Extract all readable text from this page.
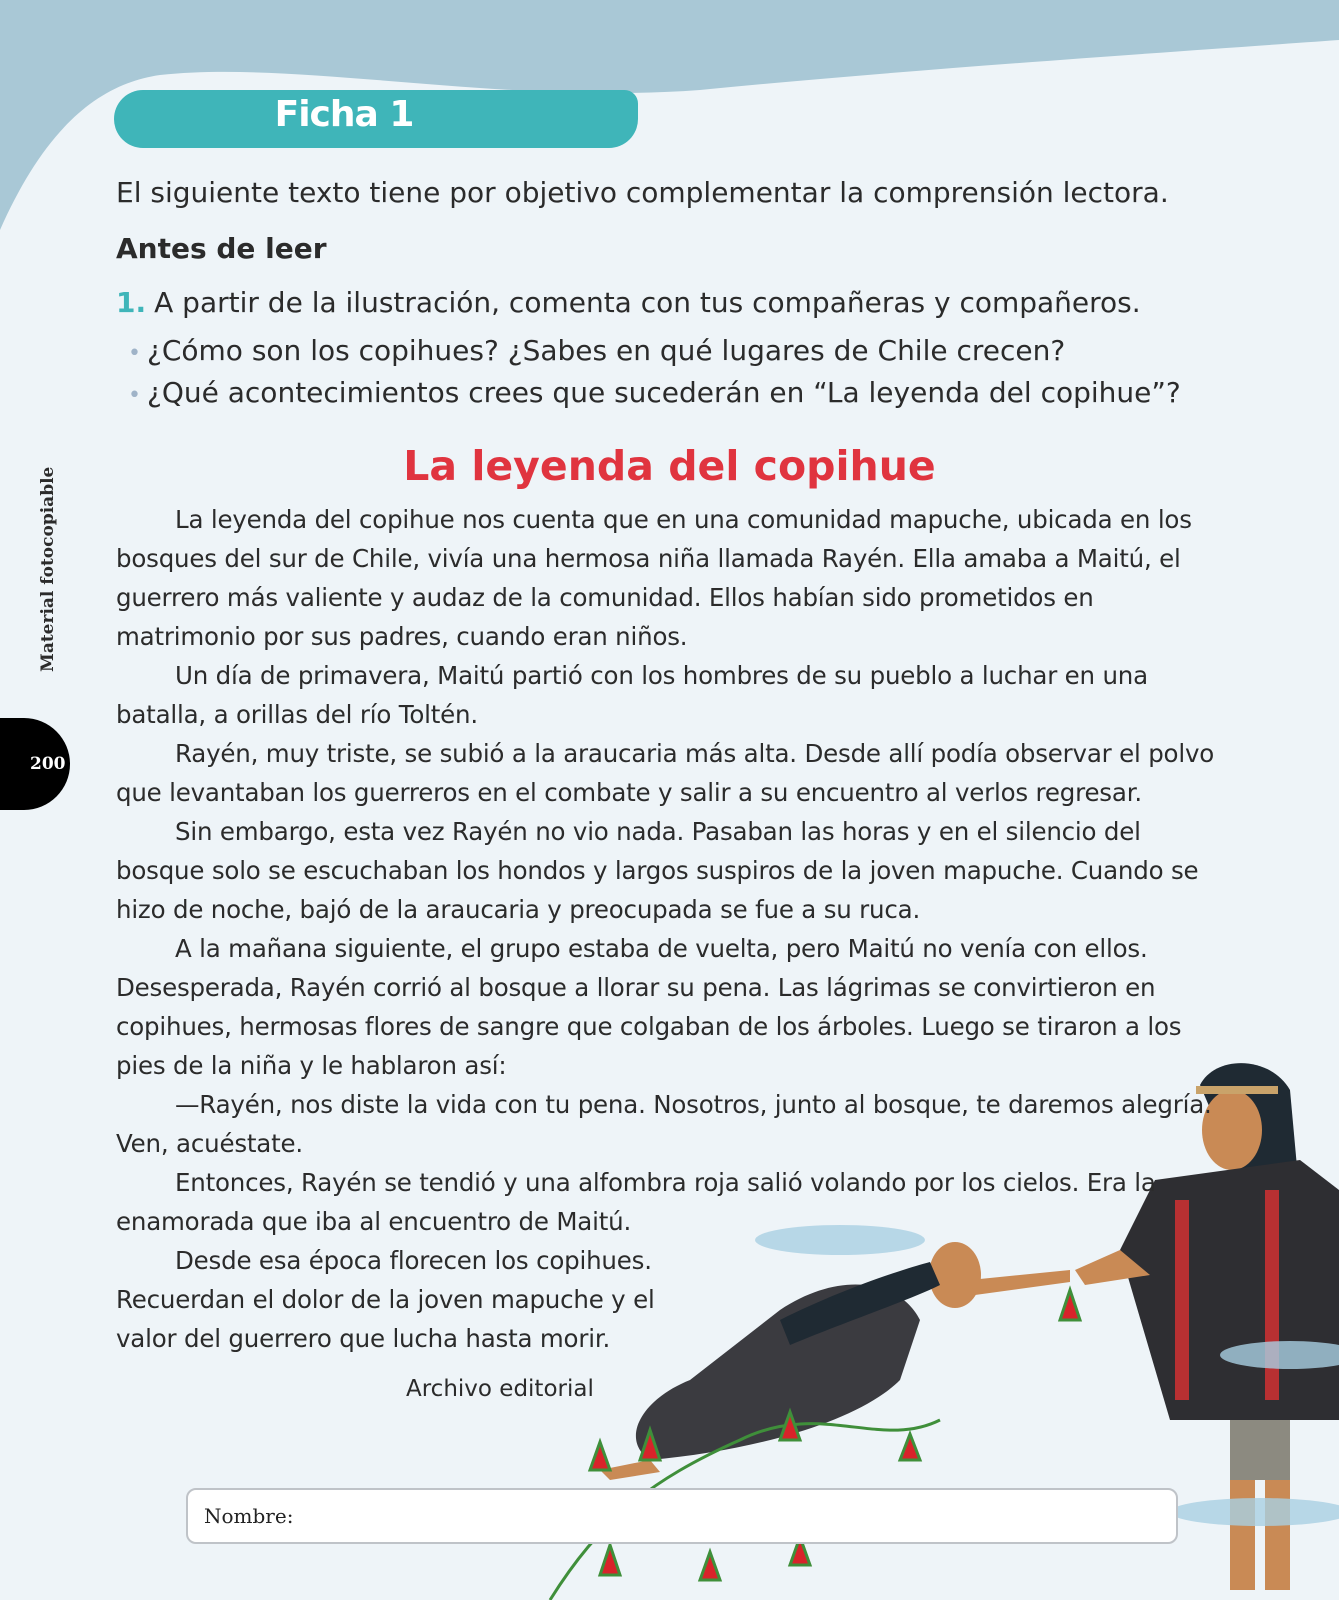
Ficha 1
El siguiente texto tiene por objetivo complementar la comprensión lectora.
Antes de leer
1. A partir de la ilustración, comenta con tus compañeras y compañeros.
• ¿Cómo son los copihues? ¿Sabes en qué lugares de Chile crecen?
• ¿Qué acontecimientos crees que sucederán en “La leyenda del copihue”?
La leyenda del copihue

La leyenda del copihue nos cuenta que en una comunidad mapuche, ubicada en los bosques del sur de Chile, vivía una hermosa niña llamada Rayén. Ella amaba a Maitú, el guerrero más valiente y audaz de la comunidad. Ellos habían sido prometidos en matrimonio por sus padres, cuando eran niños.

Un día de primavera, Maitú partió con los hombres de su pueblo a luchar en una batalla, a orillas del río Toltén.

Rayén, muy triste, se subió a la araucaria más alta. Desde allí podía observar el polvo que levantaban los guerreros en el combate y salir a su encuentro al verlos regresar.

Sin embargo, esta vez Rayén no vio nada. Pasaban las horas y en el silencio del bosque solo se escuchaban los hondos y largos suspiros de la joven mapuche. Cuando se hizo de noche, bajó de la araucaria y preocupada se fue a su ruca.

A la mañana siguiente, el grupo estaba de vuelta, pero Maitú no venía con ellos. Desesperada, Rayén corrió al bosque a llorar su pena. Las lágrimas se convirtieron en copihues, hermosas flores de sangre que colgaban de los árboles. Luego se tiraron a los pies de la niña y le hablaron así:

—Rayén, nos diste la vida con tu pena. Nosotros, junto al bosque, te daremos alegría. Ven, acuéstate.

Entonces, Rayén se tendió y una alfombra roja salió volando por los cielos. Era la enamorada que iba al encuentro de Maitú.

Desde esa época florecen los copihues. Recuerdan el dolor de la joven mapuche y el valor del guerrero que lucha hasta morir.

Archivo editorial
Material fotocopiable
200
Nombre:
